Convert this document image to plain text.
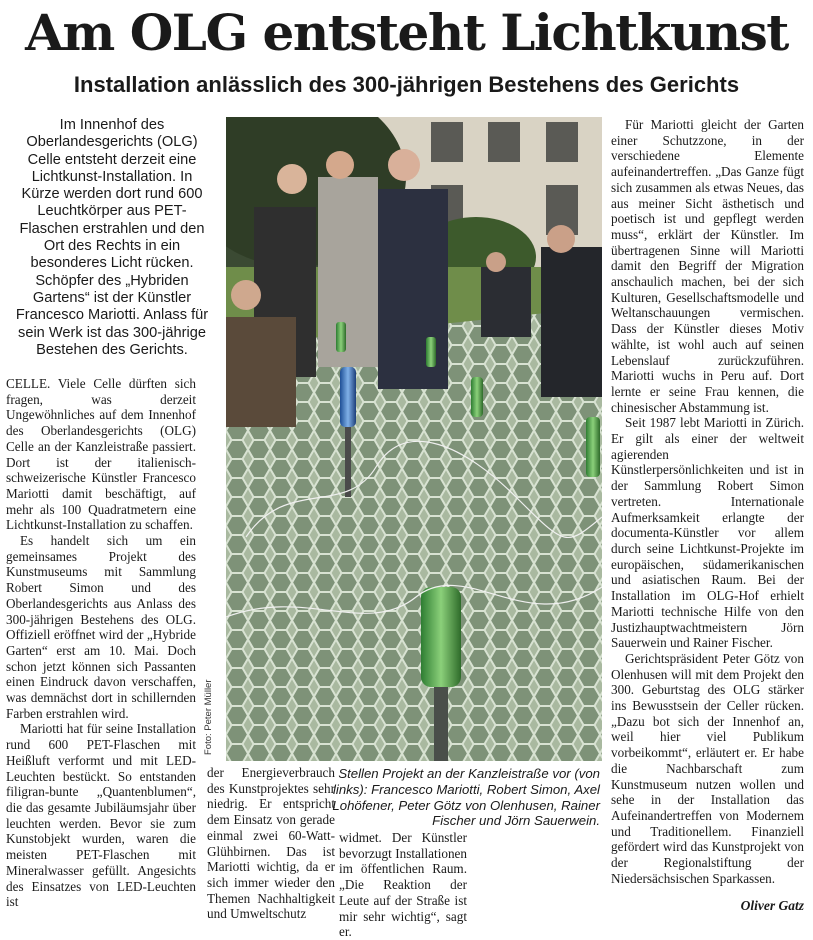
Am OLG entsteht Lichtkunst
Installation anlässlich des 300-jährigen Bestehens des Gerichts
Im Innenhof des Oberlandesgerichts (OLG) Celle entsteht derzeit eine Lichtkunst-Installation. In Kürze werden dort rund 600 Leuchtkörper aus PET-Flaschen erstrahlen und den Ort des Rechts in ein besonderes Licht rücken. Schöpfer des „Hybriden Gartens“ ist der Künstler Francesco Mariotti. Anlass für sein Werk ist das 300-jährige Bestehen des Gerichts.

CELLE. Viele Celle dürften sich fragen, was derzeit Ungewöhnliches auf dem Innenhof des Oberlandesgerichts (OLG) Celle an der Kanzleistraße passiert. Dort ist der italienisch-schweizerische Künstler Francesco Mariotti damit beschäftigt, auf mehr als 100 Quadratmetern eine Lichtkunst-Installation zu schaffen.

Es handelt sich um ein gemeinsames Projekt des Kunstmuseums mit Sammlung Robert Simon und des Oberlandesgerichts aus Anlass des 300-jährigen Bestehens des OLG. Offiziell eröffnet wird der „Hybride Garten“ erst am 10. Mai. Doch schon jetzt können sich Passanten einen Eindruck davon verschaffen, was demnächst dort in schillernden Farben erstrahlen wird.

Mariotti hat für seine Installation rund 600 PET-Flaschen mit Heißluft verformt und mit LED-Leuchten bestückt. So entstanden filigran-bunte „Quantenblumen“, die das gesamte Jubiläumsjahr über leuchten werden. Bevor sie zum Kunstobjekt wurden, waren die meisten PET-Flaschen mit Mineralwasser gefüllt. Angesichts des Einsatzes von LED-Leuchten ist

Foto: Peter Müller
Stellen Projekt an der Kanzleistraße vor (von links): Francesco Mariotti, Robert Simon, Axel Lohöfener, Peter Götz von Olenhusen, Rainer Fischer und Jörn Sauerwein.

der Energieverbrauch des Kunstprojektes sehr niedrig. Er entspricht dem Einsatz von gerade einmal zwei 60-Watt-Glühbirnen. Das ist Mariotti wichtig, da er sich immer wieder den Themen Nachhaltigkeit und Umweltschutz

widmet. Der Künstler bevorzugt Installationen im öffentlichen Raum. „Die Reaktion der Leute auf der Straße ist mir sehr wichtig“, sagt er.

Für Mariotti gleicht der Garten einer Schutzzone, in der verschiedene Elemente aufeinandertreffen. „Das Ganze fügt sich zusammen als etwas Neues, das aus meiner Sicht ästhetisch und poetisch ist und gepflegt werden muss“, erklärt der Künstler. Im übertragenen Sinne will Mariotti damit den Begriff der Migration anschaulich machen, bei der sich Kulturen, Gesellschaftsmodelle und Weltanschauungen vermischen. Dass der Künstler dieses Motiv wählte, ist wohl auch auf seinen Lebenslauf zurückzuführen. Mariotti wuchs in Peru auf. Dort lernte er seine Frau kennen, die chinesischer Abstammung ist.

Seit 1987 lebt Mariotti in Zürich. Er gilt als einer der weltweit agierenden Künstlerpersönlichkeiten und ist in der Sammlung Robert Simon vertreten. Internationale Aufmerksamkeit erlangte der documenta-Künstler vor allem durch seine Lichtkunst-Projekte im europäischen, südamerikanischen und asiatischen Raum. Bei der Installation im OLG-Hof erhielt Mariotti technische Hilfe von den Justizhauptwachtmeistern Jörn Sauerwein und Rainer Fischer.

Gerichtspräsident Peter Götz von Olenhusen will mit dem Projekt den 300. Geburtstag des OLG stärker ins Bewusstsein der Celler rücken. „Dazu bot sich der Innenhof an, weil hier viel Publikum vorbeikommt“, erläutert er. Er habe die Nachbarschaft zum Kunstmuseum nutzen wollen und sehe in der Installation das Aufeinandertreffen von Modernem und Traditionellem. Finanziell gefördert wird das Kunstprojekt von der Regionalstiftung der Niedersächsischen Sparkassen.

Oliver Gatz
